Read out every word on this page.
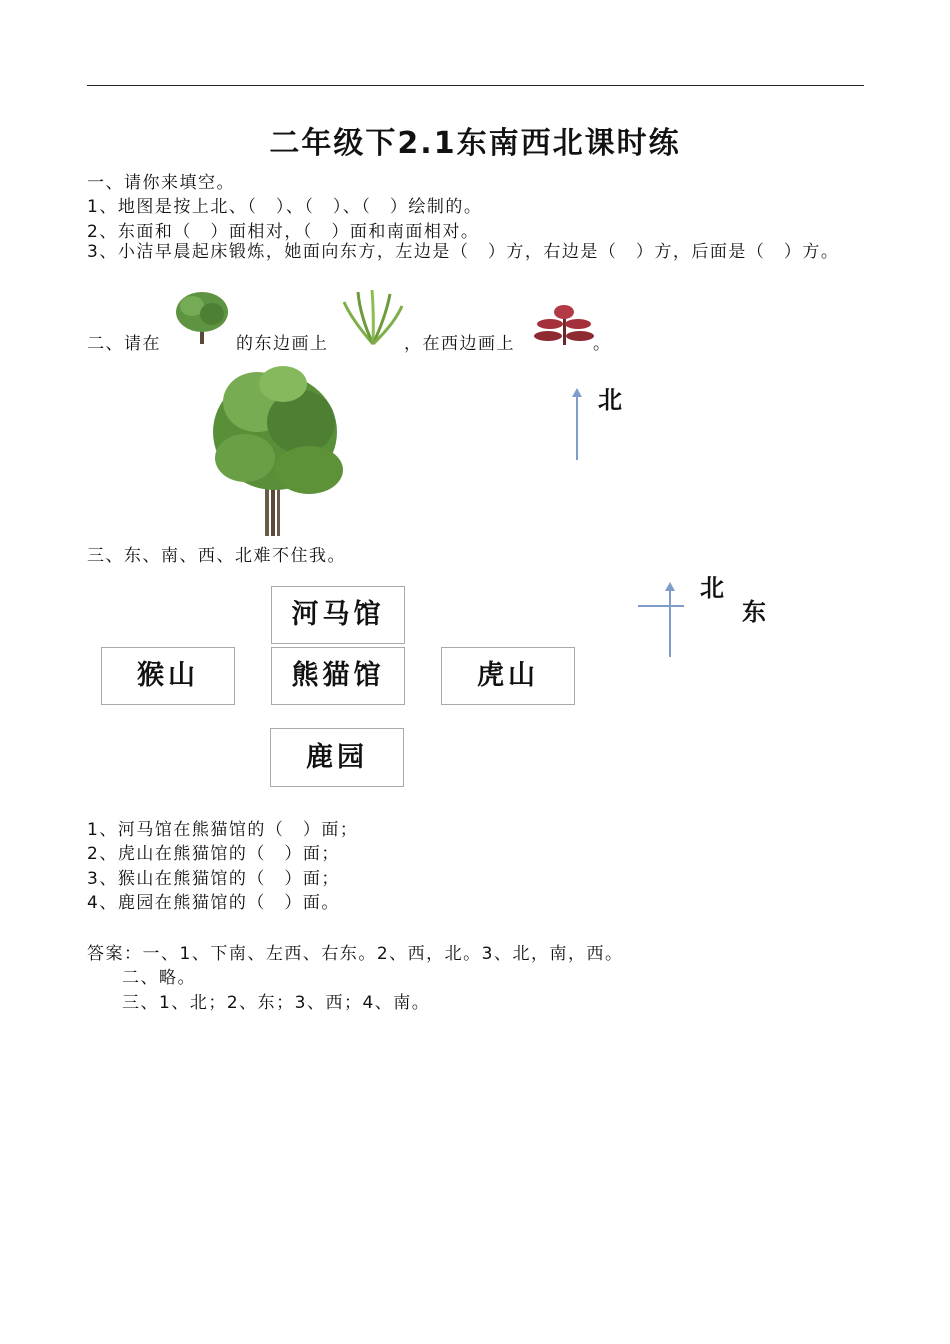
二年级下2.1东南西北课时练
一、请你来填空。
1、地图是按上北、（　）、（　）、（　）绘制的。
2、东面和（　）面相对，（　）面和南面相对。
3、小洁早晨起床锻炼，她面向东方，左边是（　）方，右边是（　）方，后面是（　）方。
二、请在	的东边画上	，在西边画上	。
北
三、东、南、西、北难不住我。
河马馆
猴山	熊猫馆	虎山
鹿园
北
东
1、河马馆在熊猫馆的（　）面；
2、虎山在熊猫馆的（　）面；
3、猴山在熊猫馆的（　）面；
4、鹿园在熊猫馆的（　）面。
答案：一、1、下南、左西、右东。2、西，北。3、北，南，西。
二、略。
三、1、北；2、东；3、西；4、南。
